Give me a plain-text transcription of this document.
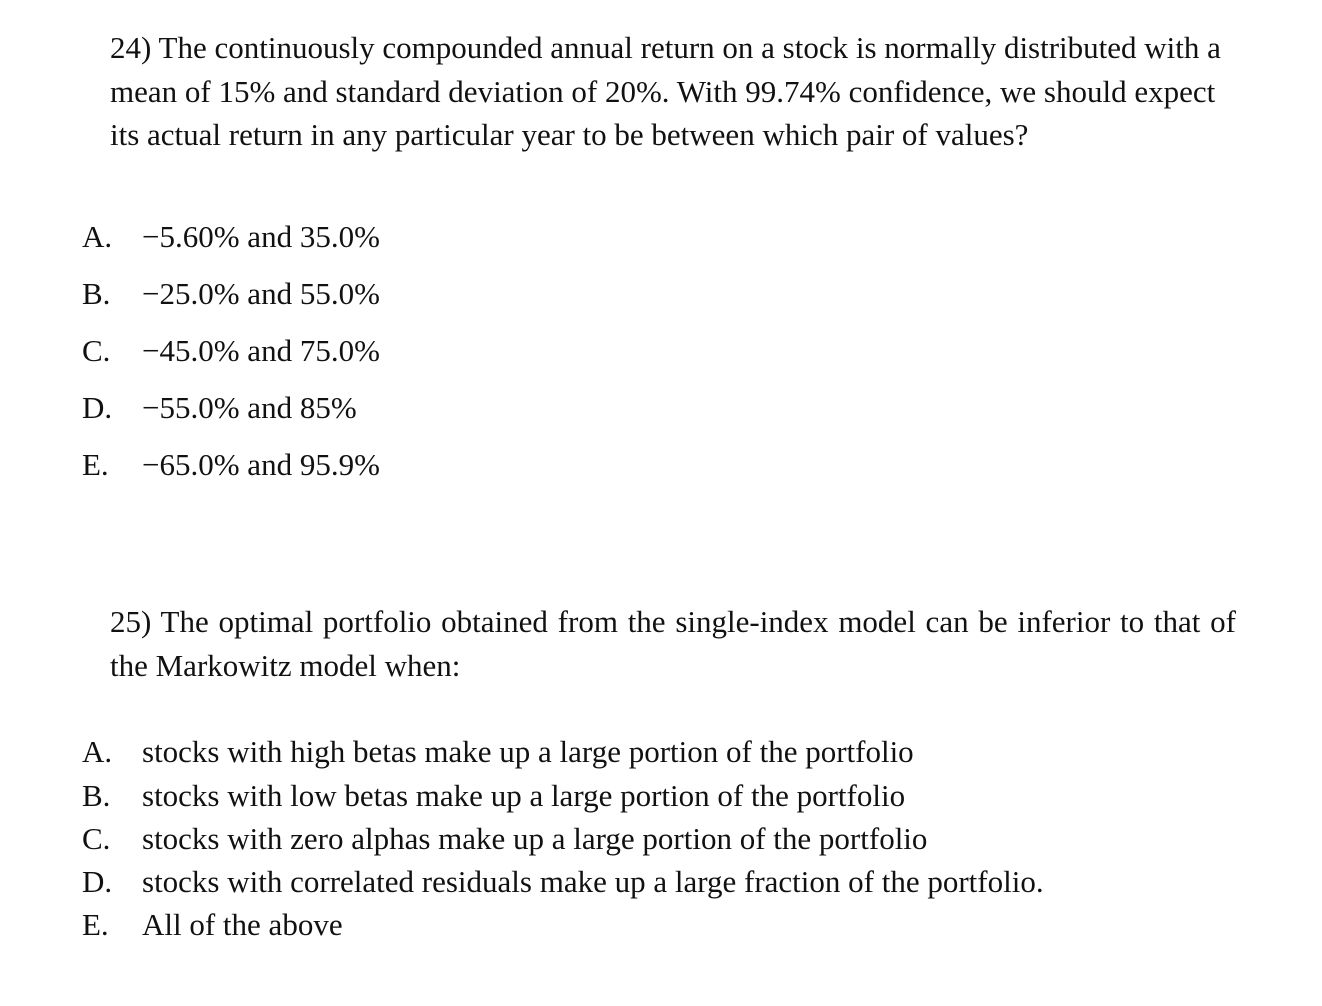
24) The continuously compounded annual return on a stock is normally distributed with a mean of 15% and standard deviation of 20%. With 99.74% confidence, we should expect its actual return in any particular year to be between which pair of values?
A. −5.60% and 35.0%
B. −25.0% and 55.0%
C. −45.0% and 75.0%
D. −55.0% and 85%
E. −65.0% and 95.9%
25) The optimal portfolio obtained from the single-index model can be inferior to that of the Markowitz model when:
A. stocks with high betas make up a large portion of the portfolio
B. stocks with low betas make up a large portion of the portfolio
C. stocks with zero alphas make up a large portion of the portfolio
D. stocks with correlated residuals make up a large fraction of the portfolio.
E. All of the above
